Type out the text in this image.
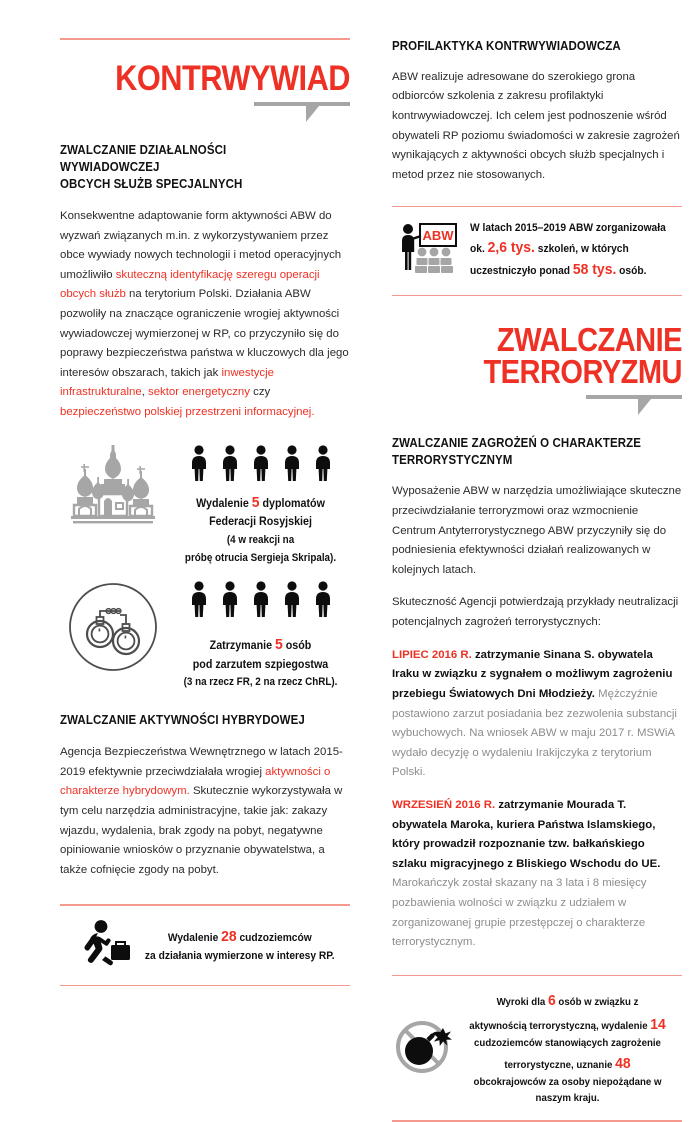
KONTRWYWIAD
ZWALCZANIE DZIAŁALNOŚCI WYWIADOWCZEJ
OBCYCH SŁUŻB SPECJALNYCH

Konsekwentne adaptowanie form aktywności ABW do wyzwań związanych m.in. z wykorzystywaniem przez obce wywiady nowych technologii i metod operacyjnych umożliwiło skuteczną identyfikację szeregu operacji obcych służb na terytorium Polski. Działania ABW pozwoliły na znaczące ograniczenie wrogiej aktywności wywiadowczej wymierzonej w RP, co przyczyniło się do poprawy bezpieczeństwa państwa w kluczowych dla jego interesów obszarach, takich jak inwestycje infrastrukturalne, sektor energetyczny czy bezpieczeństwo polskiej przestrzeni informacyjnej.

Wydalenie 5 dyplomatów
Federacji Rosyjskiej
(4 w reakcji na
próbę otrucia Sergieja Skripala).
Zatrzymanie 5 osób
pod zarzutem szpiegostwa
(3 na rzecz FR, 2 na rzecz ChRL).
ZWALCZANIE AKTYWNOŚCI HYBRYDOWEJ

Agencja Bezpieczeństwa Wewnętrznego w latach 2015-2019 efektywnie przeciwdziałała wrogiej aktywności o charakterze hybrydowym. Skutecznie wykorzystywała w tym celu narzędzia administracyjne, takie jak: zakazy wjazdu, wydalenia, brak zgody na pobyt, negatywne opiniowanie wniosków o przyznanie obywatelstwa, a także cofnięcie zgody na pobyt.

Wydalenie 28 cudzoziemców
za działania wymierzone w interesy RP.
PROFILAKTYKA KONTRWYWIADOWCZA

ABW realizuje adresowane do szerokiego grona odbiorców szkolenia z zakresu profilaktyki kontrwywiadowczej. Ich celem jest podnoszenie wśród obywateli RP poziomu świadomości w zakresie zagrożeń wynikających z aktywności obcych służb specjalnych i metod przez nie stosowanych.

ABW
W latach 2015–2019 ABW zorganizowała
ok. 2,6 tys. szkoleń, w których
uczestniczyło ponad 58 tys. osób.
ZWALCZANIE
TERRORYZMU
ZWALCZANIE ZAGROŻEŃ O CHARAKTERZE
TERRORYSTYCZNYM

Wyposażenie ABW w narzędzia umożliwiające skuteczne przeciwdziałanie terroryzmowi oraz wzmocnienie Centrum Antyterrorystycznego ABW przyczyniły się do podniesienia efektywności działań realizowanych w kolejnych latach.

Skuteczność Agencji potwierdzają przykłady neutralizacji potencjalnych zagrożeń terrorystycznych:

LIPIEC 2016 R. zatrzymanie Sinana S. obywatela Iraku w związku z sygnałem o możliwym zagrożeniu przebiegu Światowych Dni Młodzieży. Mężczyźnie postawiono zarzut posiadania bez zezwolenia substancji wybuchowych. Na wniosek ABW w maju 2017 r. MSWiA wydało decyzję o wydaleniu Irakijczyka z terytorium Polski.

WRZESIEŃ 2016 R. zatrzymanie Mourada T. obywatela Maroka, kuriera Państwa Islamskiego, który prowadził rozpoznanie tzw. bałkańskiego szlaku migracyjnego z Bliskiego Wschodu do UE. Marokańczyk został skazany na 3 lata i 8 miesięcy pozbawienia wolności w związku z udziałem w zorganizowanej grupie przestępczej o charakterze terrorystycznym.

Wyroki dla 6 osób w związku z aktywnością terrorystyczną, wydalenie 14 cudzoziemców stanowiących zagrożenie terrorystyczne, uznanie 48 obcokrajowców za osoby niepożądane w naszym kraju.
